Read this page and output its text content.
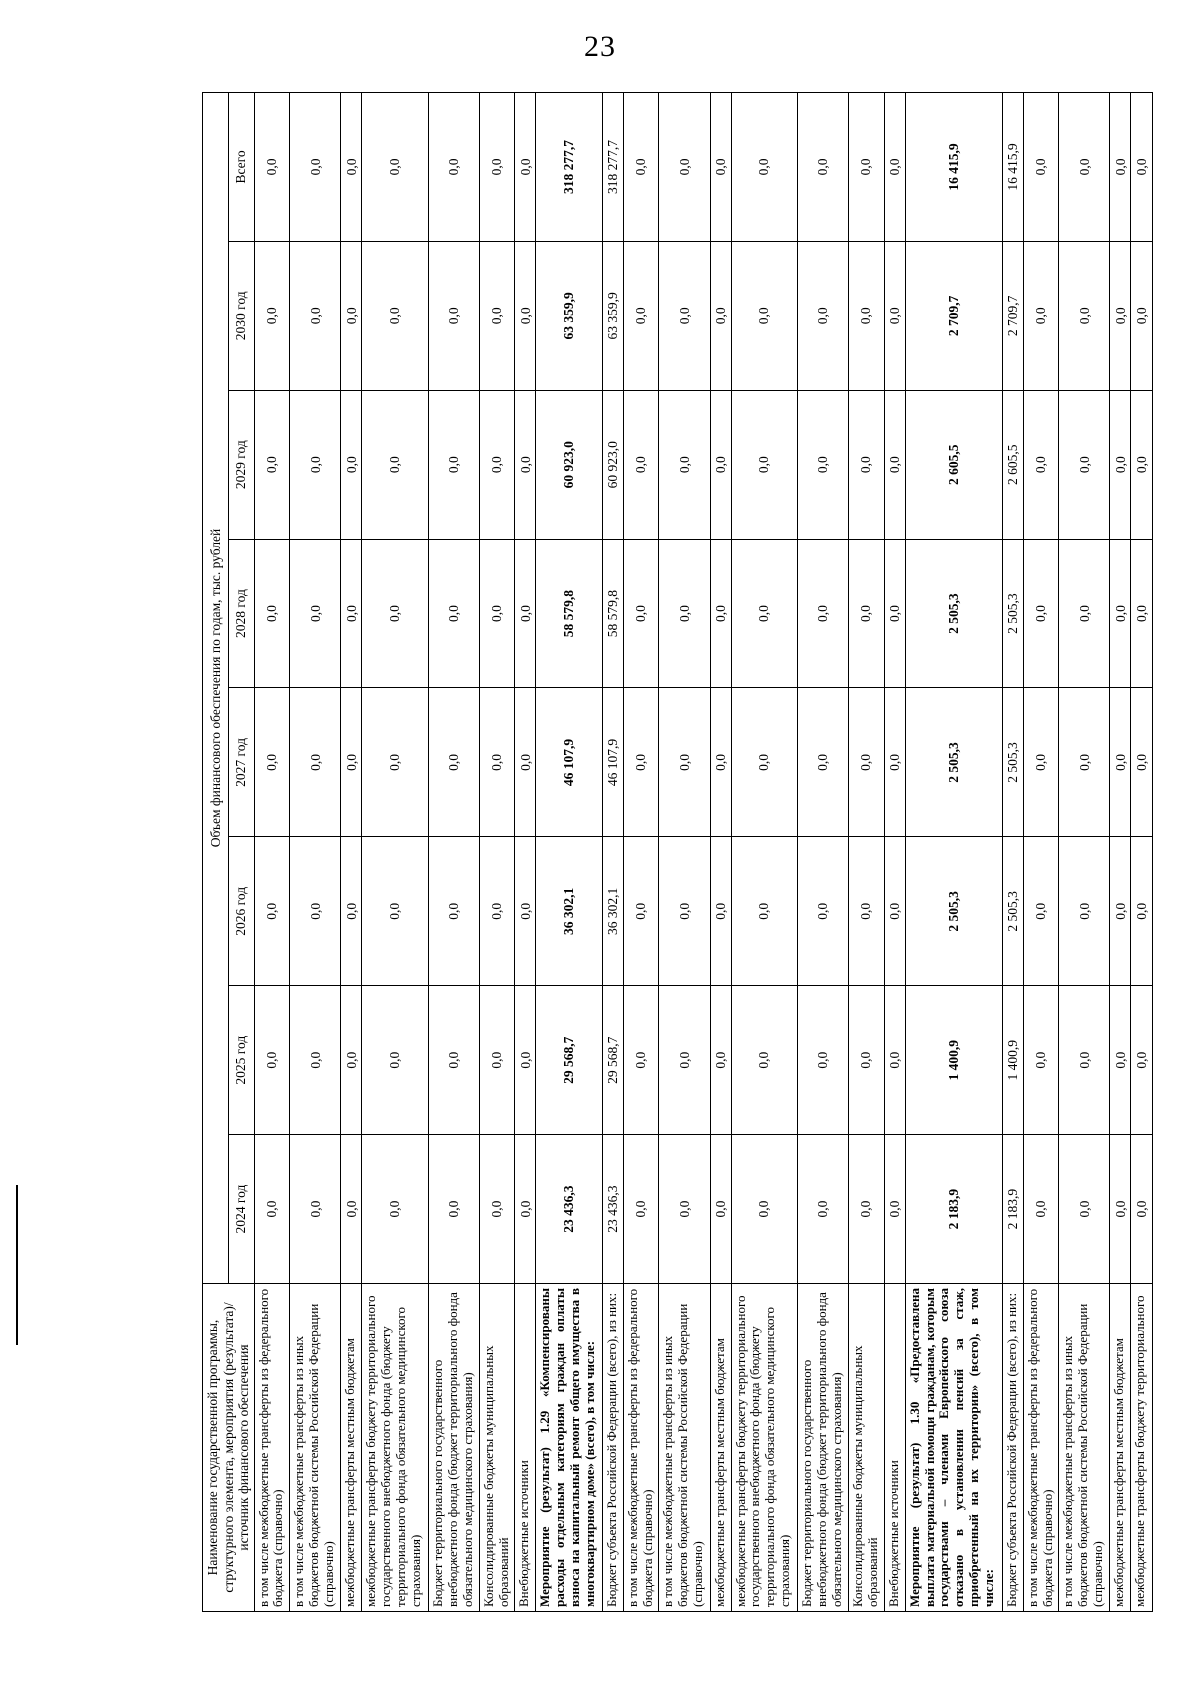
23
Наименование государственной программы, структурного элемента, мероприятия (результата)/источник финансового обеспечения	Объем финансового обеспечения по годам, тыс. рублей							
	2024 год	2025 год	2026 год	2027 год	2028 год	2029 год	2030 год	Всего
в том числе межбюджетные трансферты из федерального бюджета (справочно)	0,0	0,0	0,0	0,0	0,0	0,0	0,0	0,0
в том числе межбюджетные трансферты из иных бюджетов бюджетной системы Российской Федерации (справочно)	0,0	0,0	0,0	0,0	0,0	0,0	0,0	0,0
межбюджетные трансферты местным бюджетам	0,0	0,0	0,0	0,0	0,0	0,0	0,0	0,0
межбюджетные трансферты бюджету территориального государственного внебюджетного фонда (бюджету территориального фонда обязательного медицинского страхования)	0,0	0,0	0,0	0,0	0,0	0,0	0,0	0,0
Бюджет территориального государственного внебюджетного фонда (бюджет территориального фонда обязательного медицинского страхования)	0,0	0,0	0,0	0,0	0,0	0,0	0,0	0,0
Консолидированные бюджеты муниципальных образований	0,0	0,0	0,0	0,0	0,0	0,0	0,0	0,0
Внебюджетные источники	0,0	0,0	0,0	0,0	0,0	0,0	0,0	0,0
Мероприятие (результат) 1.29 «Компенсированы расходы отдельным категориям граждан оплаты взноса на капитальный ремонт общего имущества в многоквартирном доме» (всего), в том числе:	23 436,3	29 568,7	36 302,1	46 107,9	58 579,8	60 923,0	63 359,9	318 277,7
Бюджет субъекта Российской Федерации (всего), из них:	23 436,3	29 568,7	36 302,1	46 107,9	58 579,8	60 923,0	63 359,9	318 277,7
в том числе межбюджетные трансферты из федерального бюджета (справочно)	0,0	0,0	0,0	0,0	0,0	0,0	0,0	0,0
в том числе межбюджетные трансферты из иных бюджетов бюджетной системы Российской Федерации (справочно)	0,0	0,0	0,0	0,0	0,0	0,0	0,0	0,0
межбюджетные трансферты местным бюджетам	0,0	0,0	0,0	0,0	0,0	0,0	0,0	0,0
межбюджетные трансферты бюджету территориального государственного внебюджетного фонда (бюджету территориального фонда обязательного медицинского страхования)	0,0	0,0	0,0	0,0	0,0	0,0	0,0	0,0
Бюджет территориального государственного внебюджетного фонда (бюджет территориального фонда обязательного медицинского страхования)	0,0	0,0	0,0	0,0	0,0	0,0	0,0	0,0
Консолидированные бюджеты муниципальных образований	0,0	0,0	0,0	0,0	0,0	0,0	0,0	0,0
Внебюджетные источники	0,0	0,0	0,0	0,0	0,0	0,0	0,0	0,0
Мероприятие (результат) 1.30 «Предоставлена выплата материальной помощи гражданам, которым государствами – членами Европейского союза отказано в установлении пенсий за стаж, приобретенный на их территории» (всего), в том числе:	2 183,9	1 400,9	2 505,3	2 505,3	2 505,3	2 605,5	2 709,7	16 415,9
Бюджет субъекта Российской Федерации (всего), из них:	2 183,9	1 400,9	2 505,3	2 505,3	2 505,3	2 605,5	2 709,7	16 415,9
в том числе межбюджетные трансферты из федерального бюджета (справочно)	0,0	0,0	0,0	0,0	0,0	0,0	0,0	0,0
в том числе межбюджетные трансферты из иных бюджетов бюджетной системы Российской Федерации (справочно)	0,0	0,0	0,0	0,0	0,0	0,0	0,0	0,0
межбюджетные трансферты местным бюджетам	0,0	0,0	0,0	0,0	0,0	0,0	0,0	0,0
межбюджетные трансферты бюджету территориального	0,0	0,0	0,0	0,0	0,0	0,0	0,0	0,0
